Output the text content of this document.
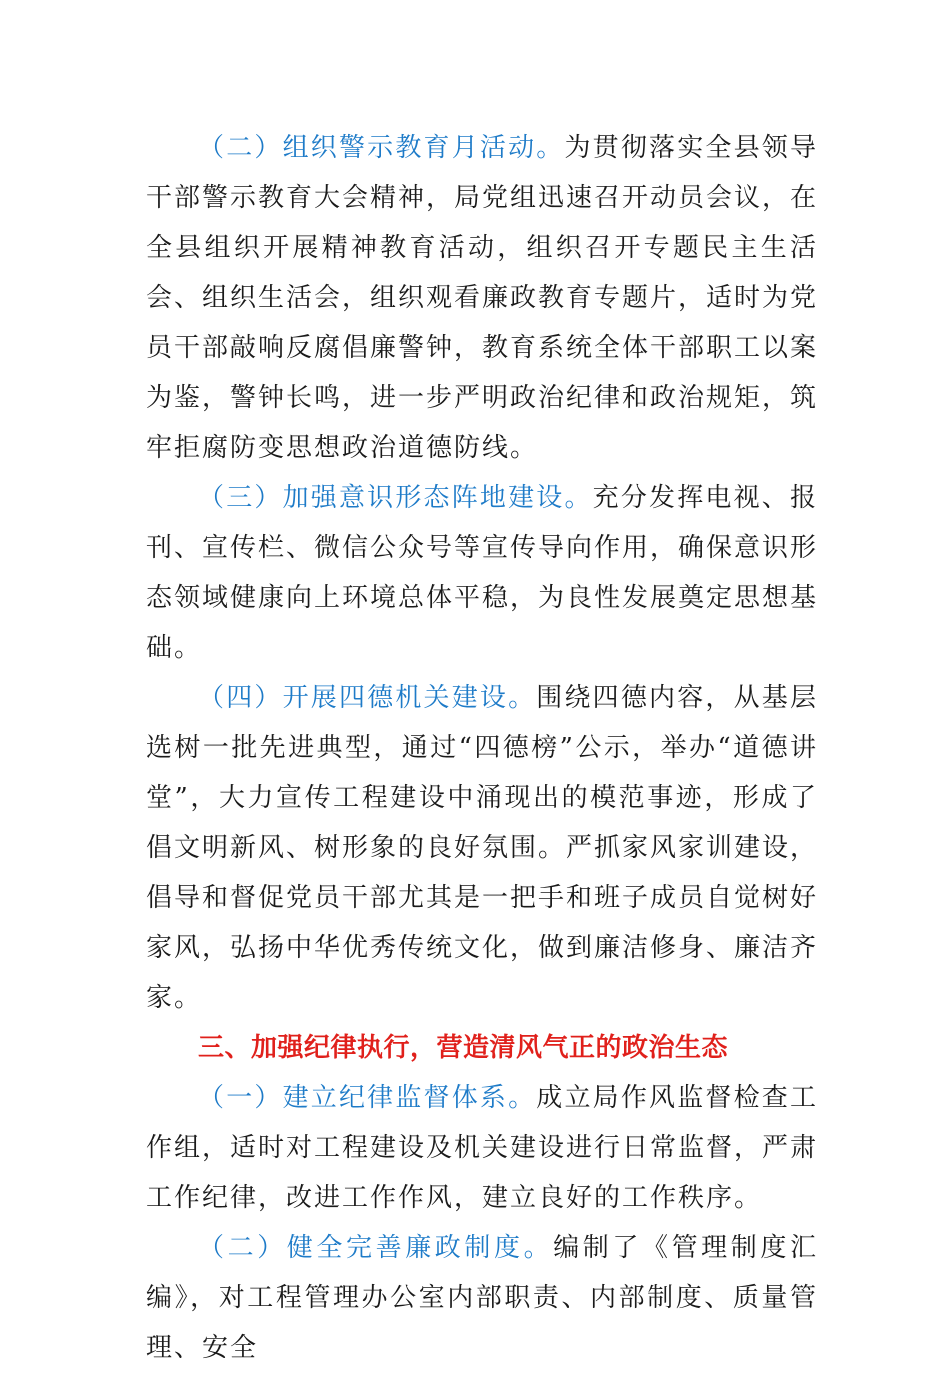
（二）组织警示教育月活动。为贯彻落实全县领导干部警示教育大会精神，局党组迅速召开动员会议，在全县组织开展精神教育活动，组织召开专题民主生活会、组织生活会，组织观看廉政教育专题片，适时为党员干部敲响反腐倡廉警钟，教育系统全体干部职工以案为鉴，警钟长鸣，进一步严明政治纪律和政治规矩，筑牢拒腐防变思想政治道德防线。

（三）加强意识形态阵地建设。充分发挥电视、报刊、宣传栏、微信公众号等宣传导向作用，确保意识形态领域健康向上环境总体平稳，为良性发展奠定思想基础。

（四）开展四德机关建设。围绕四德内容，从基层选树一批先进典型，通过“四德榜”公示，举办“道德讲堂”，大力宣传工程建设中涌现出的模范事迹，形成了倡文明新风、树形象的良好氛围。严抓家风家训建设，倡导和督促党员干部尤其是一把手和班子成员自觉树好家风，弘扬中华优秀传统文化，做到廉洁修身、廉洁齐家。

三、加强纪律执行，营造清风气正的政治生态

（一）建立纪律监督体系。成立局作风监督检查工作组，适时对工程建设及机关建设进行日常监督，严肃工作纪律，改进工作作风，建立良好的工作秩序。

（二）健全完善廉政制度。编制了《管理制度汇编》，对工程管理办公室内部职责、内部制度、质量管理、安全
